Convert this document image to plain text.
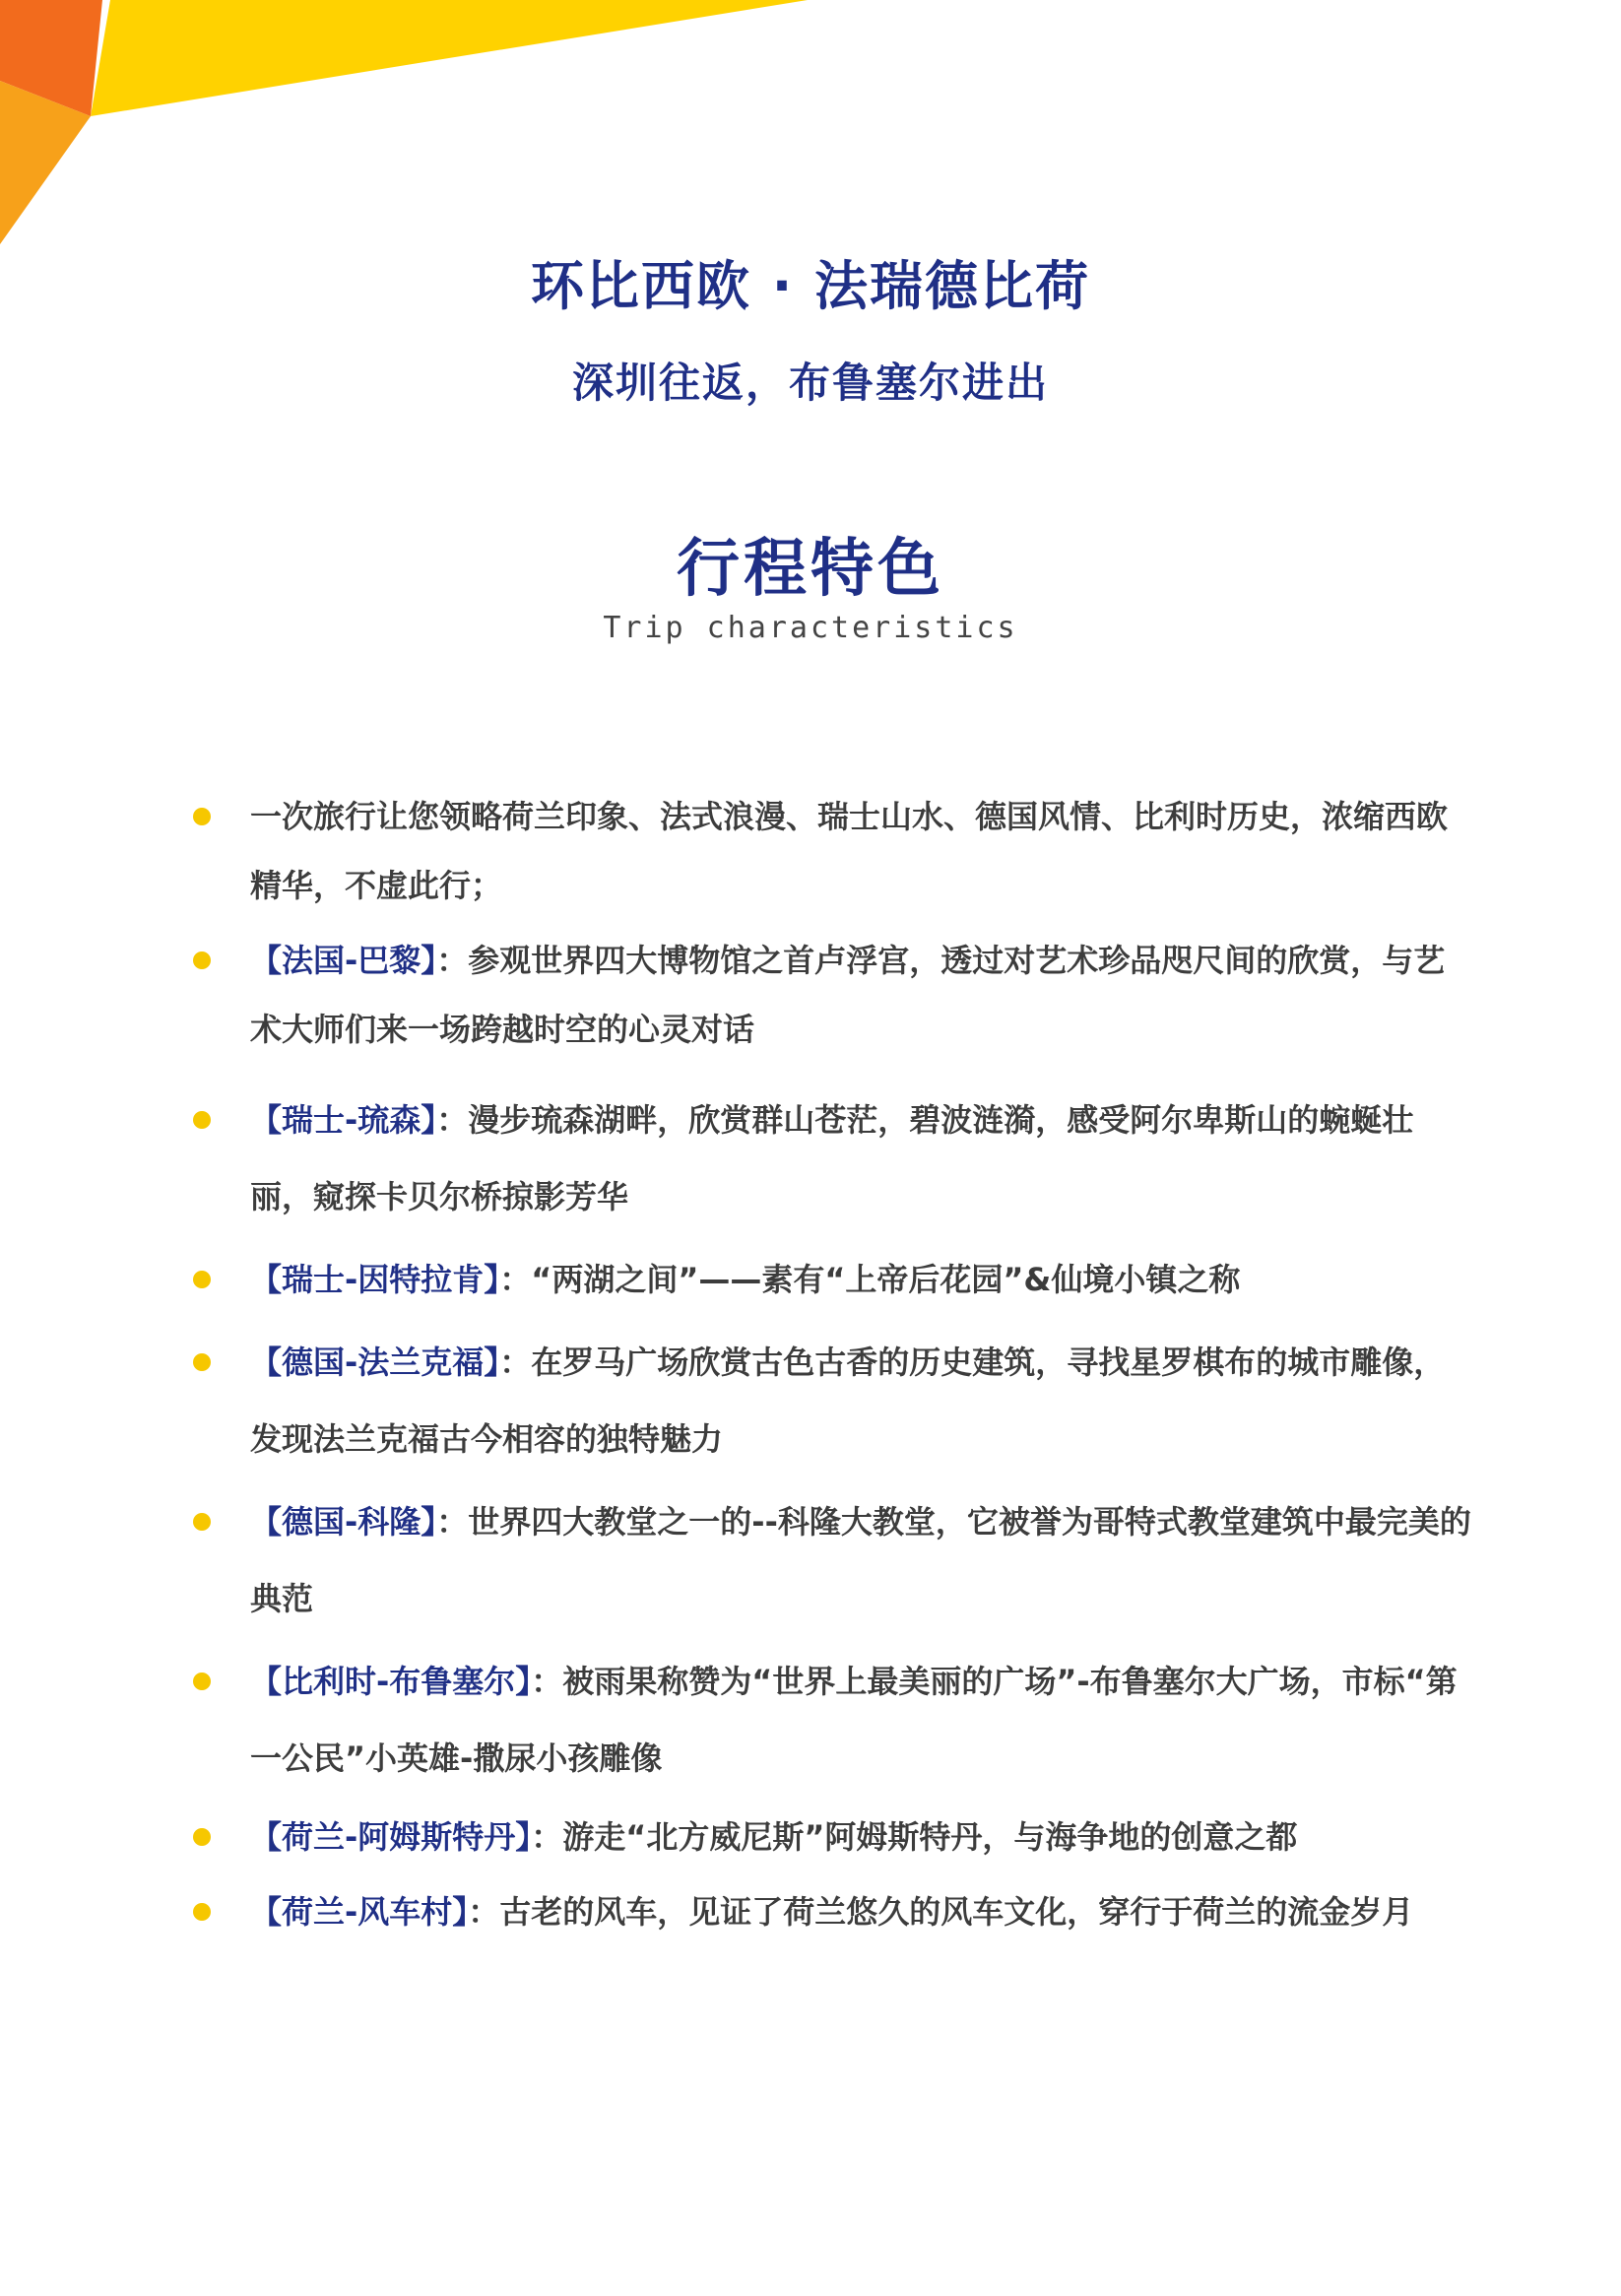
环比西欧 · 法瑞德比荷
深圳往返，布鲁塞尔进出
行程特色

Trip characteristics

一次旅行让您领略荷兰印象、法式浪漫、瑞士山水、德国风情、比利时历史，浓缩西欧精华，不虚此行；
【法国-巴黎】：参观世界四大博物馆之首卢浮宫，透过对艺术珍品咫尺间的欣赏，与艺术大师们来一场跨越时空的心灵对话
【瑞士-琉森】：漫步琉森湖畔，欣赏群山苍茫，碧波涟漪，感受阿尔卑斯山的蜿蜒壮丽，窥探卡贝尔桥掠影芳华
【瑞士-因特拉肯】：“两湖之间”——素有“上帝后花园”&仙境小镇之称
【德国-法兰克福】：在罗马广场欣赏古色古香的历史建筑，寻找星罗棋布的城市雕像，发现法兰克福古今相容的独特魅力
【德国-科隆】：世界四大教堂之一的--科隆大教堂，它被誉为哥特式教堂建筑中最完美的典范
【比利时-布鲁塞尔】：被雨果称赞为“世界上最美丽的广场”-布鲁塞尔大广场，市标“第一公民”小英雄-撒尿小孩雕像
【荷兰-阿姆斯特丹】：游走“北方威尼斯”阿姆斯特丹，与海争地的创意之都
【荷兰-风车村】：古老的风车，见证了荷兰悠久的风车文化，穿行于荷兰的流金岁月
